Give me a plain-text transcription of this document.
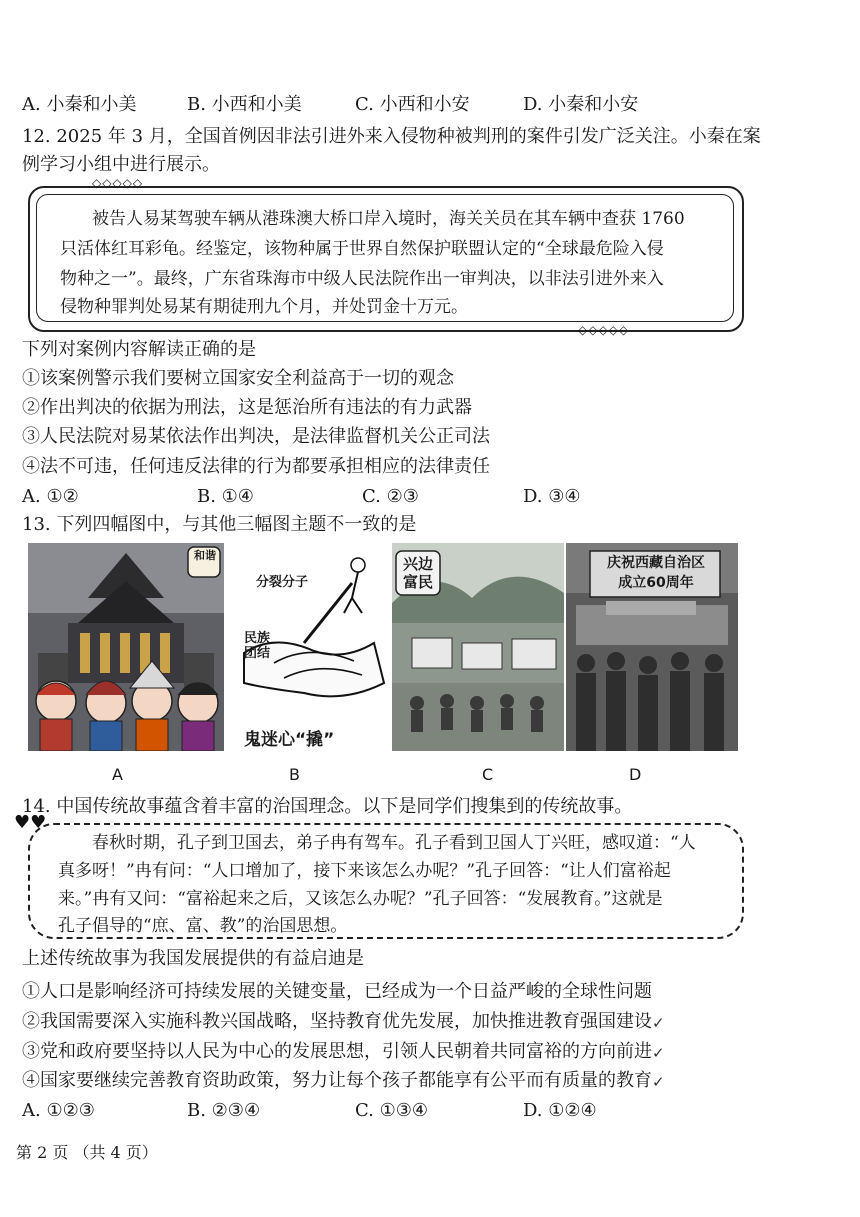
A. 小秦和小美	B. 小西和小美	C. 小西和小安	D. 小秦和小安
12. 2025 年 3 月，全国首例因非法引进外来入侵物种被判刑的案件引发广泛关注。小秦在案
例学习小组中进行展示。
◇◇◇◇◇
◇◇◇◇◇
被告人易某驾驶车辆从港珠澳大桥口岸入境时，海关关员在其车辆中查获 1760
只活体红耳彩龟。经鉴定，该物种属于世界自然保护联盟认定的“全球最危险入侵
物种之一”。最终，广东省珠海市中级人民法院作出一审判决，以非法引进外来入
侵物种罪判处易某有期徒刑九个月，并处罚金十万元。
下列对案例内容解读正确的是
①该案例警示我们要树立国家安全利益高于一切的观念
②作出判决的依据为刑法，这是惩治所有违法的有力武器
③人民法院对易某依法作出判决，是法律监督机关公正司法
④法不可违，任何违反法律的行为都要承担相应的法律责任
A. ①②	B. ①④	C. ②③	D. ③④
13. 下列四幅图中，与其他三幅图主题不一致的是
和谐
分裂分子
民族团结
鬼迷心“撬”
兴边富民
庆祝西藏自治区
成立60周年
A	B	C	D
14. 中国传统故事蕴含着丰富的治国理念。以下是同学们搜集到的传统故事。
♥♥
春秋时期，孔子到卫国去，弟子冉有驾车。孔子看到卫国人丁兴旺，感叹道：“人
真多呀！”冉有问：“人口增加了，接下来该怎么办呢？”孔子回答：“让人们富裕起
来。”冉有又问：“富裕起来之后，又该怎么办呢？”孔子回答：“发展教育。”这就是
孔子倡导的“庶、富、教”的治国思想。
上述传统故事为我国发展提供的有益启迪是
①人口是影响经济可持续发展的关键变量，已经成为一个日益严峻的全球性问题
②我国需要深入实施科教兴国战略，坚持教育优先发展，加快推进教育强国建设
③党和政府要坚持以人民为中心的发展思想，引领人民朝着共同富裕的方向前进
④国家要继续完善教育资助政策，努力让每个孩子都能享有公平而有质量的教育
✓
✓
✓
A. ①②③	B. ②③④	C. ①③④	D. ①②④
第 2 页 （共 4 页）
